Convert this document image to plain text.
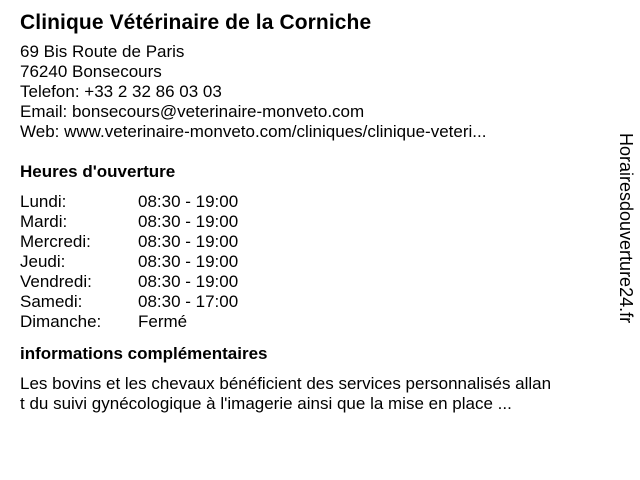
Clinique Vétérinaire de la Corniche
69 Bis Route de Paris
76240 Bonsecours
Telefon: +33 2 32 86 03 03
Email: bonsecours@veterinaire-monveto.com
Web: www.veterinaire-monveto.com/cliniques/clinique-veteri...
Heures d'ouverture
Lundi:	08:30 - 19:00
Mardi:	08:30 - 19:00
Mercredi:	08:30 - 19:00
Jeudi:	08:30 - 19:00
Vendredi:	08:30 - 19:00
Samedi:	08:30 - 17:00
Dimanche:	Fermé
informations complémentaires
Les bovins et les chevaux bénéficient des services personnalisés allan
t du suivi gynécologique à l'imagerie ainsi que la mise en place ...
Horairesdouverture24.fr
